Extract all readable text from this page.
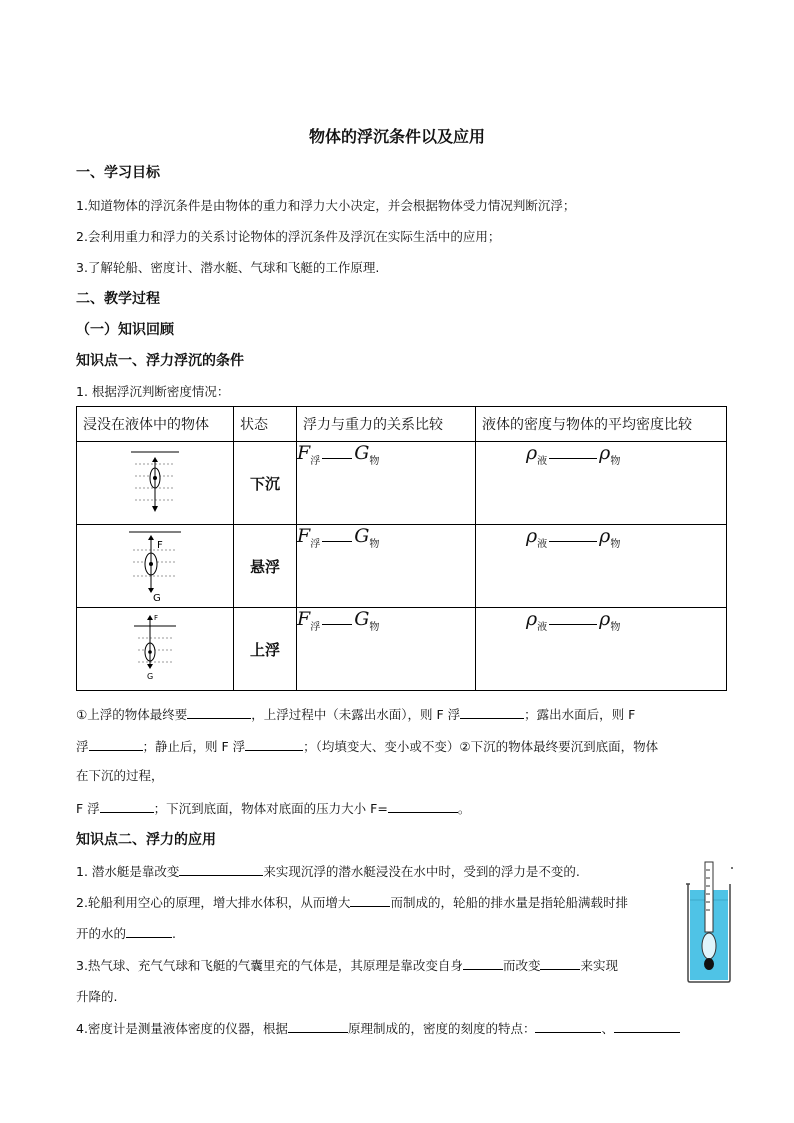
物体的浮沉条件以及应用
一、学习目标
1.知道物体的浮沉条件是由物体的重力和浮力大小决定，并会根据物体受力情况判断沉浮；
2.会利用重力和浮力的关系讨论物体的浮沉条件及浮沉在实际生活中的应用；
3.了解轮船、密度计、潜水艇、气球和飞艇的工作原理.
二、教学过程
（一）知识回顾
知识点一、浮力浮沉的条件
1. 根据浮沉判断密度情况：
浸没在液体中的物体	状态	浮力与重力的关系比较	液体的密度与物体的平均密度比较
	下沉	$F_浮$ $G_物$	$\rho_液$ $\rho_物$

F
G	悬浮	$F_浮$ $G_物$	$\rho_液$ $\rho_物$

F
G	上浮	$F_浮$ $G_物$	$\rho_液$ $\rho_物$
①上浮的物体最终要	，上浮过程中（未露出水面），则 F 浮	；露出水面后，则 F
浮	；静止后，则 F 浮	；（均填变大、变小或不变）②下沉的物体最终要沉到底面，物体
在下沉的过程，
F 浮	；下沉到底面，物体对底面的压力大小 F=	。
知识点二、浮力的应用
1. 潜水艇是靠改变	来实现沉浮的潜水艇浸没在水中时，受到的浮力是不变的.
2.轮船利用空心的原理，增大排水体积，从而增大	而制成的，轮船的排水量是指轮船满载时排
开的水的	.
3.热气球、充气气球和飞艇的气囊里充的气体是，其原理是靠改变自身	而改变	来实现
升降的.
4.密度计是测量液体密度的仪器，根据	原理制成的，密度的刻度的特点：	、
